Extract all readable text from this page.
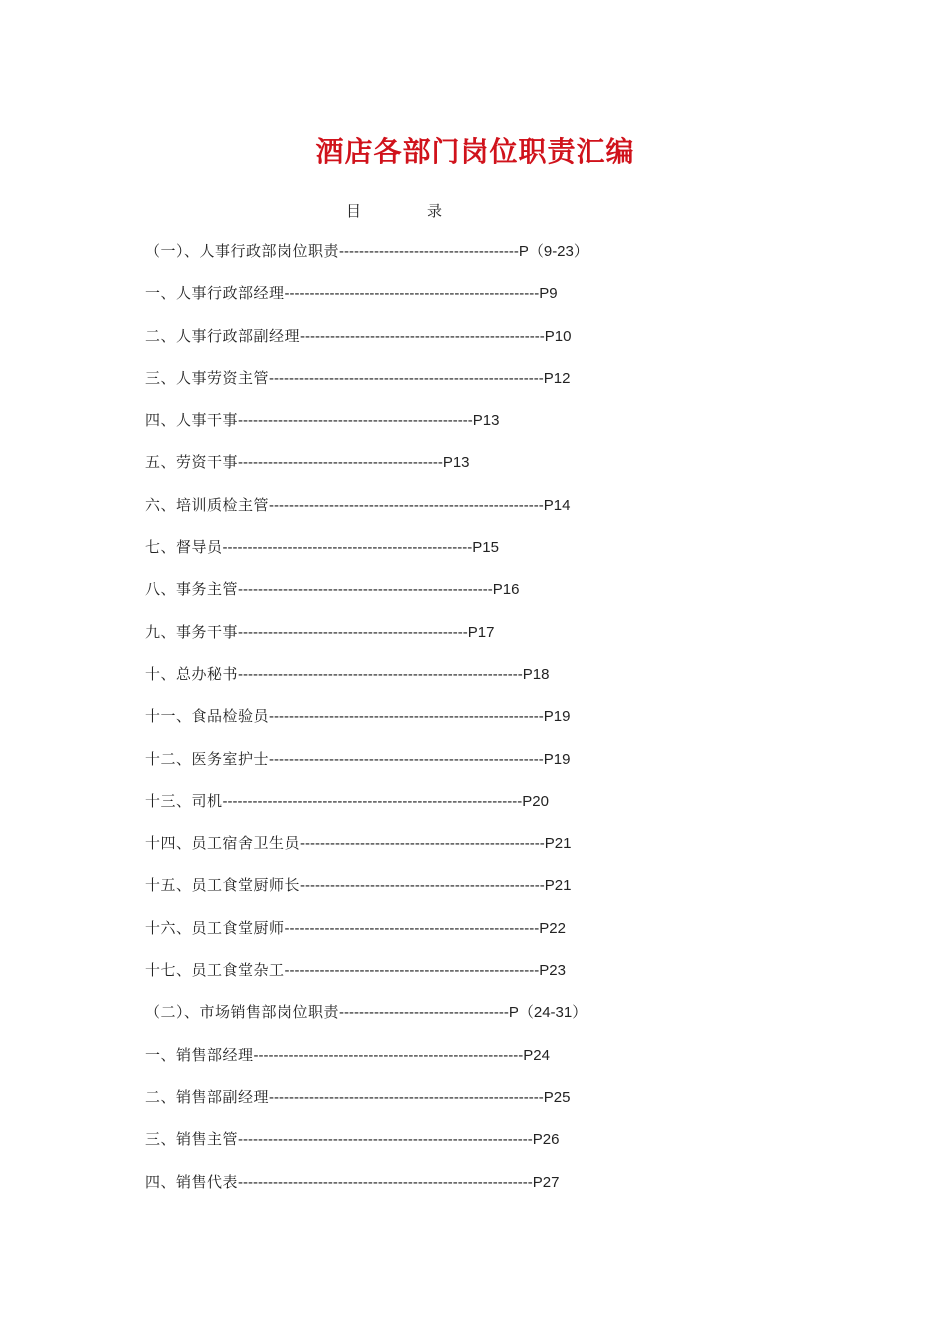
酒店各部门岗位职责汇编
目	录
（一）、人事行政部岗位职责------------------------------------P（9-23）
一、人事行政部经理---------------------------------------------------P9
二、人事行政部副经理-------------------------------------------------P10
三、人事劳资主管-------------------------------------------------------P12
四、人事干事-----------------------------------------------P13
五、劳资干事-----------------------------------------P13
六、培训质检主管-------------------------------------------------------P14
七、督导员--------------------------------------------------P15
八、事务主管---------------------------------------------------P16
九、事务干事----------------------------------------------P17
十、总办秘书---------------------------------------------------------P18
十一、食品检验员-------------------------------------------------------P19
十二、医务室护士-------------------------------------------------------P19
十三、司机------------------------------------------------------------P20
十四、员工宿舍卫生员-------------------------------------------------P21
十五、员工食堂厨师长-------------------------------------------------P21
十六、员工食堂厨师---------------------------------------------------P22
十七、员工食堂杂工---------------------------------------------------P23
（二）、市场销售部岗位职责----------------------------------P（24-31）
一、销售部经理------------------------------------------------------P24
二、销售部副经理-------------------------------------------------------P25
三、销售主管-----------------------------------------------------------P26
四、销售代表-----------------------------------------------------------P27
